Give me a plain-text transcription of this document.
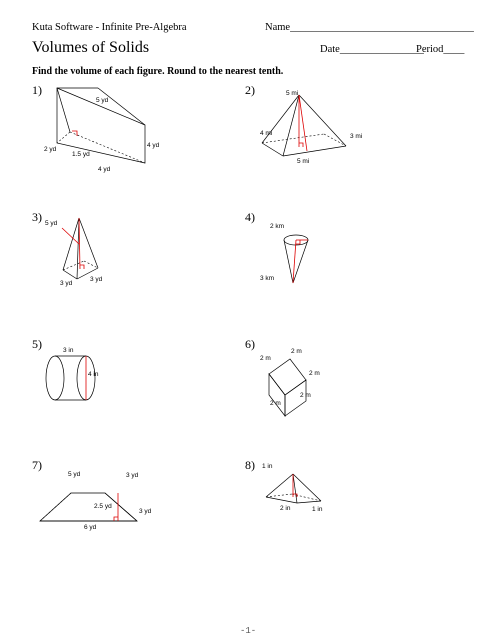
Kuta Software - Infinite Pre-Algebra	Name___________________________________
Volumes of Solids	Date________________
Period____
Find the volume of each figure. Round to the nearest tenth.
1)	2)
3)	4)
5)	6)
7)	8)
5 yd
4 yd
2 yd
1.5 yd
4 yd
5 mi
4 mi	3 mi
5 mi
5 yd
3 yd
3 yd
2 km
3 km
3 in
4 in
2 m
2 m
2 m
2 m
2 m
5 yd	3 yd
2.5 yd
3 yd
6 yd
1 in
2 in	1 in
-1-
